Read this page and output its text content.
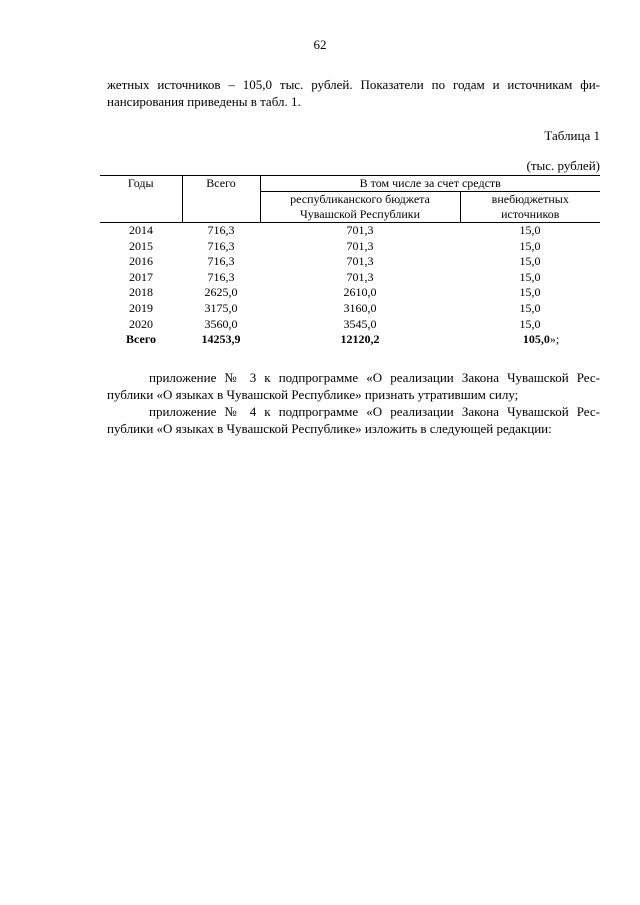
62
жетных источников – 105,0 тыс. рублей. Показатели по годам и источникам фи-
нансирования приведены в табл. 1.
Таблица 1
(тыс. рублей)
Годы	Всего	В том числе за счет средств	
		республиканского бюджета Чувашской Республики	внебюджетных источников
2014	716,3	701,3	15,0
2015	716,3	701,3	15,0
2016	716,3	701,3	15,0
2017	716,3	701,3	15,0
2018	2625,0	2610,0	15,0
2019	3175,0	3160,0	15,0
2020	3560,0	3545,0	15,0
Всего	14253,9	12120,2	105,0»;
приложение № 3 к подпрограмме «О реализации Закона Чувашской Рес-
публики «О языках в Чувашской Республике» признать утратившим силу;
приложение № 4 к подпрограмме «О реализации Закона Чувашской Рес-
публики «О языках в Чувашской Республике» изложить в следующей редакции:
